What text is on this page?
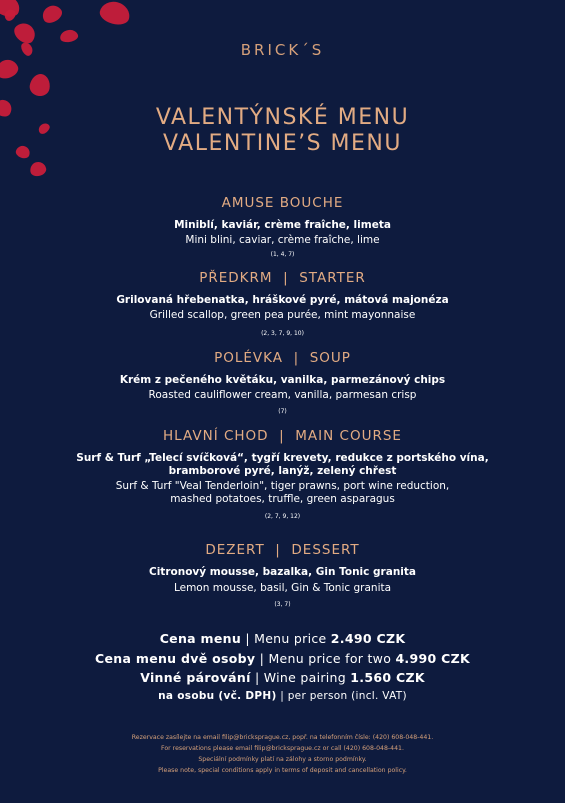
BRICK´S
VALENTÝNSKÉ MENU
VALENTINE’S MENU
AMUSE BOUCHE
Miniblí, kaviár, crème fraîche, limeta
Mini blini, caviar, crème fraîche, lime
(1, 4, 7)
PŘEDKRM  |  STARTER
Grilovaná hřebenatka, hráškové pyré, mátová majonéza
Grilled scallop, green pea purée, mint mayonnaise
(2, 3, 7, 9, 10)
POLÉVKA  |  SOUP
Krém z pečeného květáku, vanilka, parmezánový chips
Roasted cauliflower cream, vanilla, parmesan crisp
(7)
HLAVNÍ CHOD  |  MAIN COURSE
Surf & Turf „Telecí svíčková“, tygří krevety, redukce z portského vína,
bramborové pyré, lanýž, zelený chřest
Surf & Turf "Veal Tenderloin", tiger prawns, port wine reduction,
mashed potatoes, truffle, green asparagus
(2, 7, 9, 12)
DEZERT  |  DESSERT
Citronový mousse, bazalka, Gin Tonic granita
Lemon mousse, basil, Gin & Tonic granita
(3, 7)
Cena menu | Menu price 2.490 CZK
Cena menu dvě osoby | Menu price for two 4.990 CZK
Vinné párování | Wine pairing 1.560 CZK
na osobu (vč. DPH) | per person (incl. VAT)
Rezervace zasílejte na email filip@bricksprague.cz, popř. na telefonním čísle: (420) 608-048-441.
For reservations please email filip@bricksprague.cz or call (420) 608-048-441.
Speciální podmínky platí na zálohy a storno podmínky.
Please note, special conditions apply in terms of deposit and cancellation policy.
